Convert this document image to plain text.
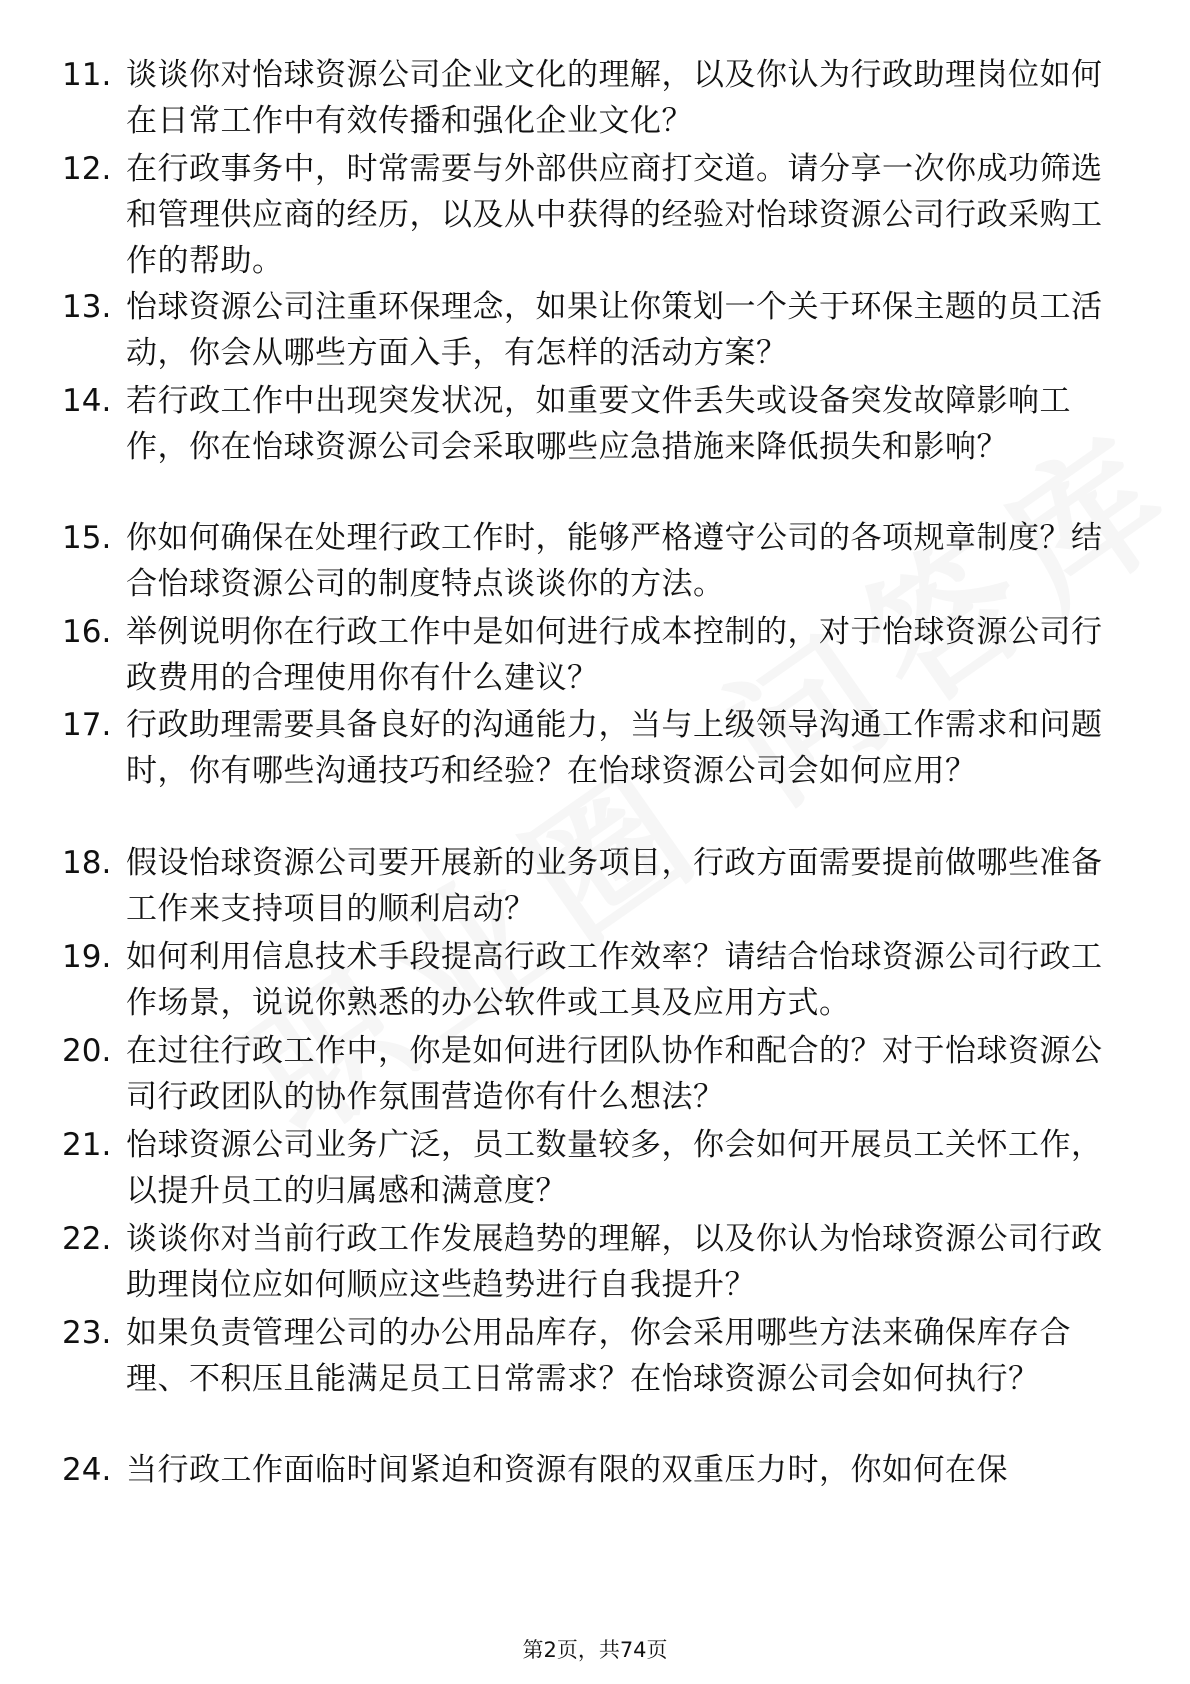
11. 谈谈你对怡球资源公司企业文化的理解，以及你认为行政助理岗位如何在日常工作中有效传播和强化企业文化？
12. 在行政事务中，时常需要与外部供应商打交道。请分享一次你成功筛选和管理供应商的经历，以及从中获得的经验对怡球资源公司行政采购工作的帮助。
13. 怡球资源公司注重环保理念，如果让你策划一个关于环保主题的员工活动，你会从哪些方面入手，有怎样的活动方案？
14. 若行政工作中出现突发状况，如重要文件丢失或设备突发故障影响工作，你在怡球资源公司会采取哪些应急措施来降低损失和影响？
15. 你如何确保在处理行政工作时，能够严格遵守公司的各项规章制度？结合怡球资源公司的制度特点谈谈你的方法。
16. 举例说明你在行政工作中是如何进行成本控制的，对于怡球资源公司行政费用的合理使用你有什么建议？
17. 行政助理需要具备良好的沟通能力，当与上级领导沟通工作需求和问题时，你有哪些沟通技巧和经验？在怡球资源公司会如何应用？
18. 假设怡球资源公司要开展新的业务项目，行政方面需要提前做哪些准备工作来支持项目的顺利启动？
19. 如何利用信息技术手段提高行政工作效率？请结合怡球资源公司行政工作场景，说说你熟悉的办公软件或工具及应用方式。
20. 在过往行政工作中，你是如何进行团队协作和配合的？对于怡球资源公司行政团队的协作氛围营造你有什么想法？
21. 怡球资源公司业务广泛，员工数量较多，你会如何开展员工关怀工作，以提升员工的归属感和满意度？
22. 谈谈你对当前行政工作发展趋势的理解，以及你认为怡球资源公司行政助理岗位应如何顺应这些趋势进行自我提升？
23. 如果负责管理公司的办公用品库存，你会采用哪些方法来确保库存合理、不积压且能满足员工日常需求？在怡球资源公司会如何执行？
24. 当行政工作面临时间紧迫和资源有限的双重压力时，你如何在保
第2页，共74页
